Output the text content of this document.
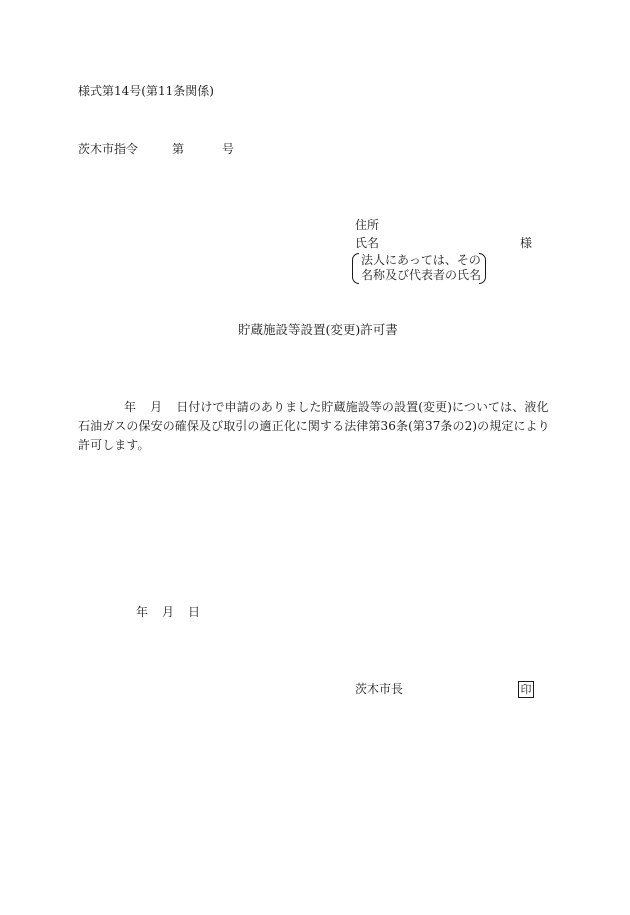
様式第14号(第11条関係)
茨木市指令	第	号
住所
氏名	様
法人にあっては、その
名称及び代表者の氏名
貯蔵施設等設置(変更)許可書
年 月 日付けで申請のありました貯蔵施設等の設置(変更)については、液化石油ガスの保安の確保及び取引の適正化に関する法律第36条(第37条の2)の規定により許可します。
年 月 日
茨木市長	印
